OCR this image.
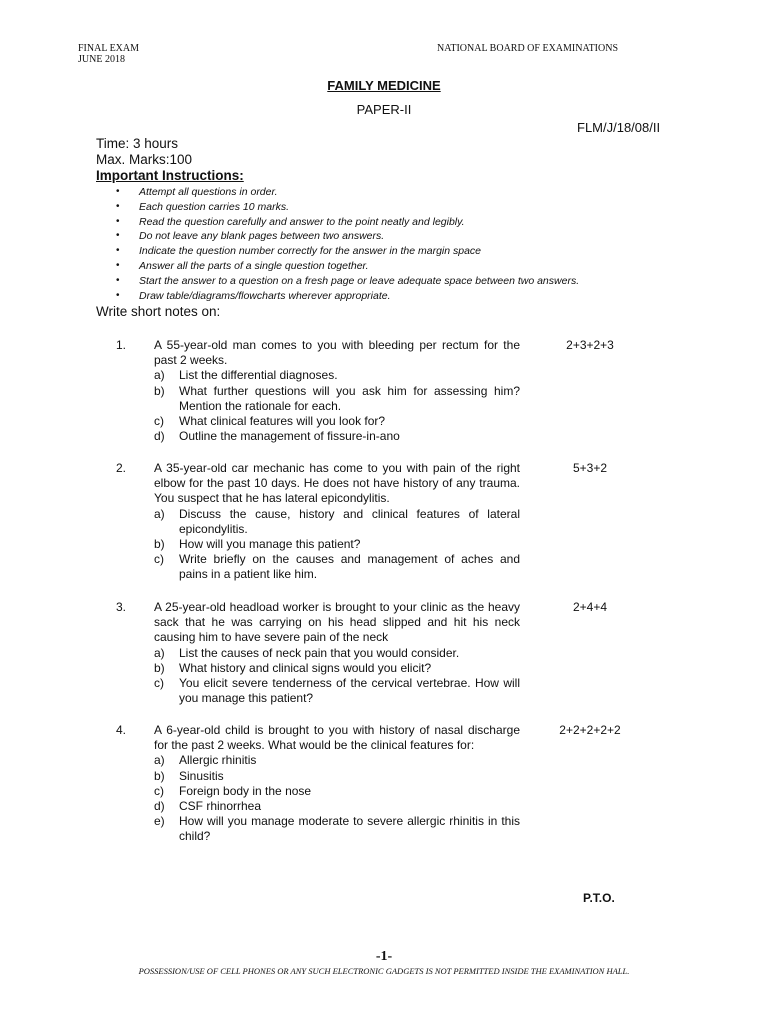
FINAL EXAM
JUNE 2018
NATIONAL BOARD OF EXAMINATIONS
FAMILY MEDICINE
PAPER-II
FLM/J/18/08/II
Time: 3 hours
Max. Marks:100
Important Instructions:
• Attempt all questions in order.
• Each question carries 10 marks.
• Read the question carefully and answer to the point neatly and legibly.
• Do not leave any blank pages between two answers.
• Indicate the question number correctly for the answer in the margin space
• Answer all the parts of a single question together.
• Start the answer to a question on a fresh page or leave adequate space between two answers.
• Draw table/diagrams/flowcharts wherever appropriate.
Write short notes on:
1. A 55-year-old man comes to you with bleeding per rectum for the past 2 weeks.
a) List the differential diagnoses.
b) What further questions will you ask him for assessing him? Mention the rationale for each.
c) What clinical features will you look for?
d) Outline the management of fissure-in-ano
2+3+2+3
2. A 35-year-old car mechanic has come to you with pain of the right elbow for the past 10 days. He does not have history of any trauma. You suspect that he has lateral epicondylitis.
a) Discuss the cause, history and clinical features of lateral epicondylitis.
b) How will you manage this patient?
c) Write briefly on the causes and management of aches and pains in a patient like him.
5+3+2
3. A 25-year-old headload worker is brought to your clinic as the heavy sack that he was carrying on his head slipped and hit his neck causing him to have severe pain of the neck
a) List the causes of neck pain that you would consider.
b) What history and clinical signs would you elicit?
c) You elicit severe tenderness of the cervical vertebrae. How will you manage this patient?
2+4+4
4. A 6-year-old child is brought to you with history of nasal discharge for the past 2 weeks. What would be the clinical features for:
a) Allergic rhinitis
b) Sinusitis
c) Foreign body in the nose
d) CSF rhinorrhea
e) How will you manage moderate to severe allergic rhinitis in this child?
2+2+2+2+2
P.T.O.
-1-
POSSESSION/USE OF CELL PHONES OR ANY SUCH ELECTRONIC GADGETS IS NOT PERMITTED INSIDE THE EXAMINATION HALL.
